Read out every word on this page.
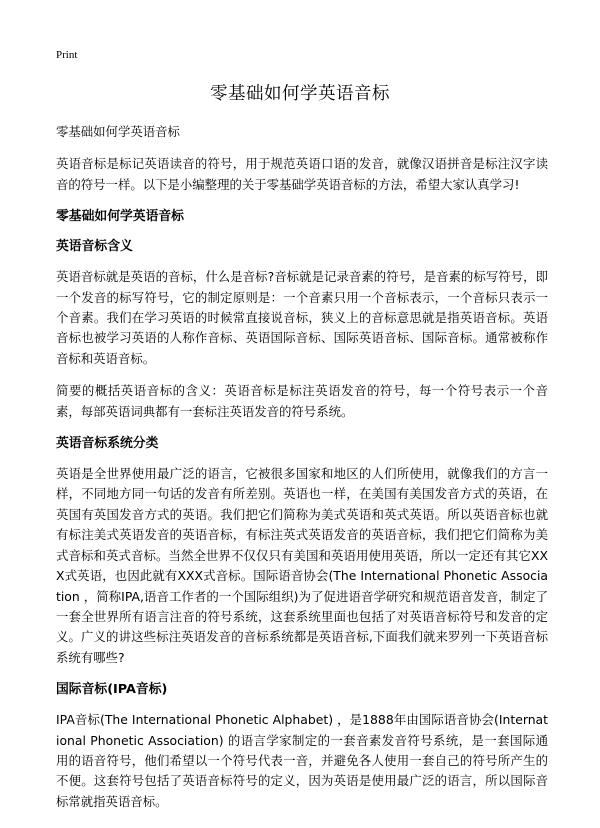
Print
零基础如何学英语音标

零基础如何学英语音标

英语音标是标记英语读音的符号，用于规范英语口语的发音，就像汉语拼音是标注汉字读音的符号一样。以下是小编整理的关于零基础学英语音标的方法，希望大家认真学习!

零基础如何学英语音标
英语音标含义

英语音标就是英语的音标，什么是音标?音标就是记录音素的符号，是音素的标写符号，即一个发音的标写符号，它的制定原则是：一个音素只用一个音标表示，一个音标只表示一个音素。我们在学习英语的时候常直接说音标，狭义上的音标意思就是指英语音标。英语音标也被学习英语的人称作音标、英语国际音标、国际英语音标、国际音标。通常被称作音标和英语音标。

简要的概括英语音标的含义：英语音标是标注英语发音的符号，每一个符号表示一个音素，每部英语词典都有一套标注英语发音的符号系统。

英语音标系统分类

英语是全世界使用最广泛的语言，它被很多国家和地区的人们所使用，就像我们的方言一样，不同地方同一句话的发音有所差别。英语也一样，在美国有美国发音方式的英语，在英国有英国发音方式的英语。我们把它们简称为美式英语和英式英语。所以英语音标也就有标注美式英语发音的英语音标，有标注英式英语发音的英语音标，我们把它们简称为美式音标和英式音标。当然全世界不仅仅只有美国和英语用使用英语，所以一定还有其它XXX式英语，也因此就有XXX式音标。国际语音协会(The International Phonetic Association ，简称IPA,语音工作者的一个国际组织)为了促进语音学研究和规范语音发音，制定了一套全世界所有语言注音的符号系统，这套系统里面也包括了对英语音标符号和发音的定义。广义的讲这些标注英语发音的音标系统都是英语音标,下面我们就来罗列一下英语音标系统有哪些?

国际音标(IPA音标)

IPA音标(The International Phonetic Alphabet) ，是1888年由国际语音协会(International Phonetic Association) 的语言学家制定的一套音素发音符号系统，是一套国际通用的语音符号，他们希望以一个符号代表一音，并避免各人使用一套自己的符号所产生的不便。这套符号包括了英语音标符号的定义，因为英语是使用最广泛的语言，所以国际音标常就指英语音标。
